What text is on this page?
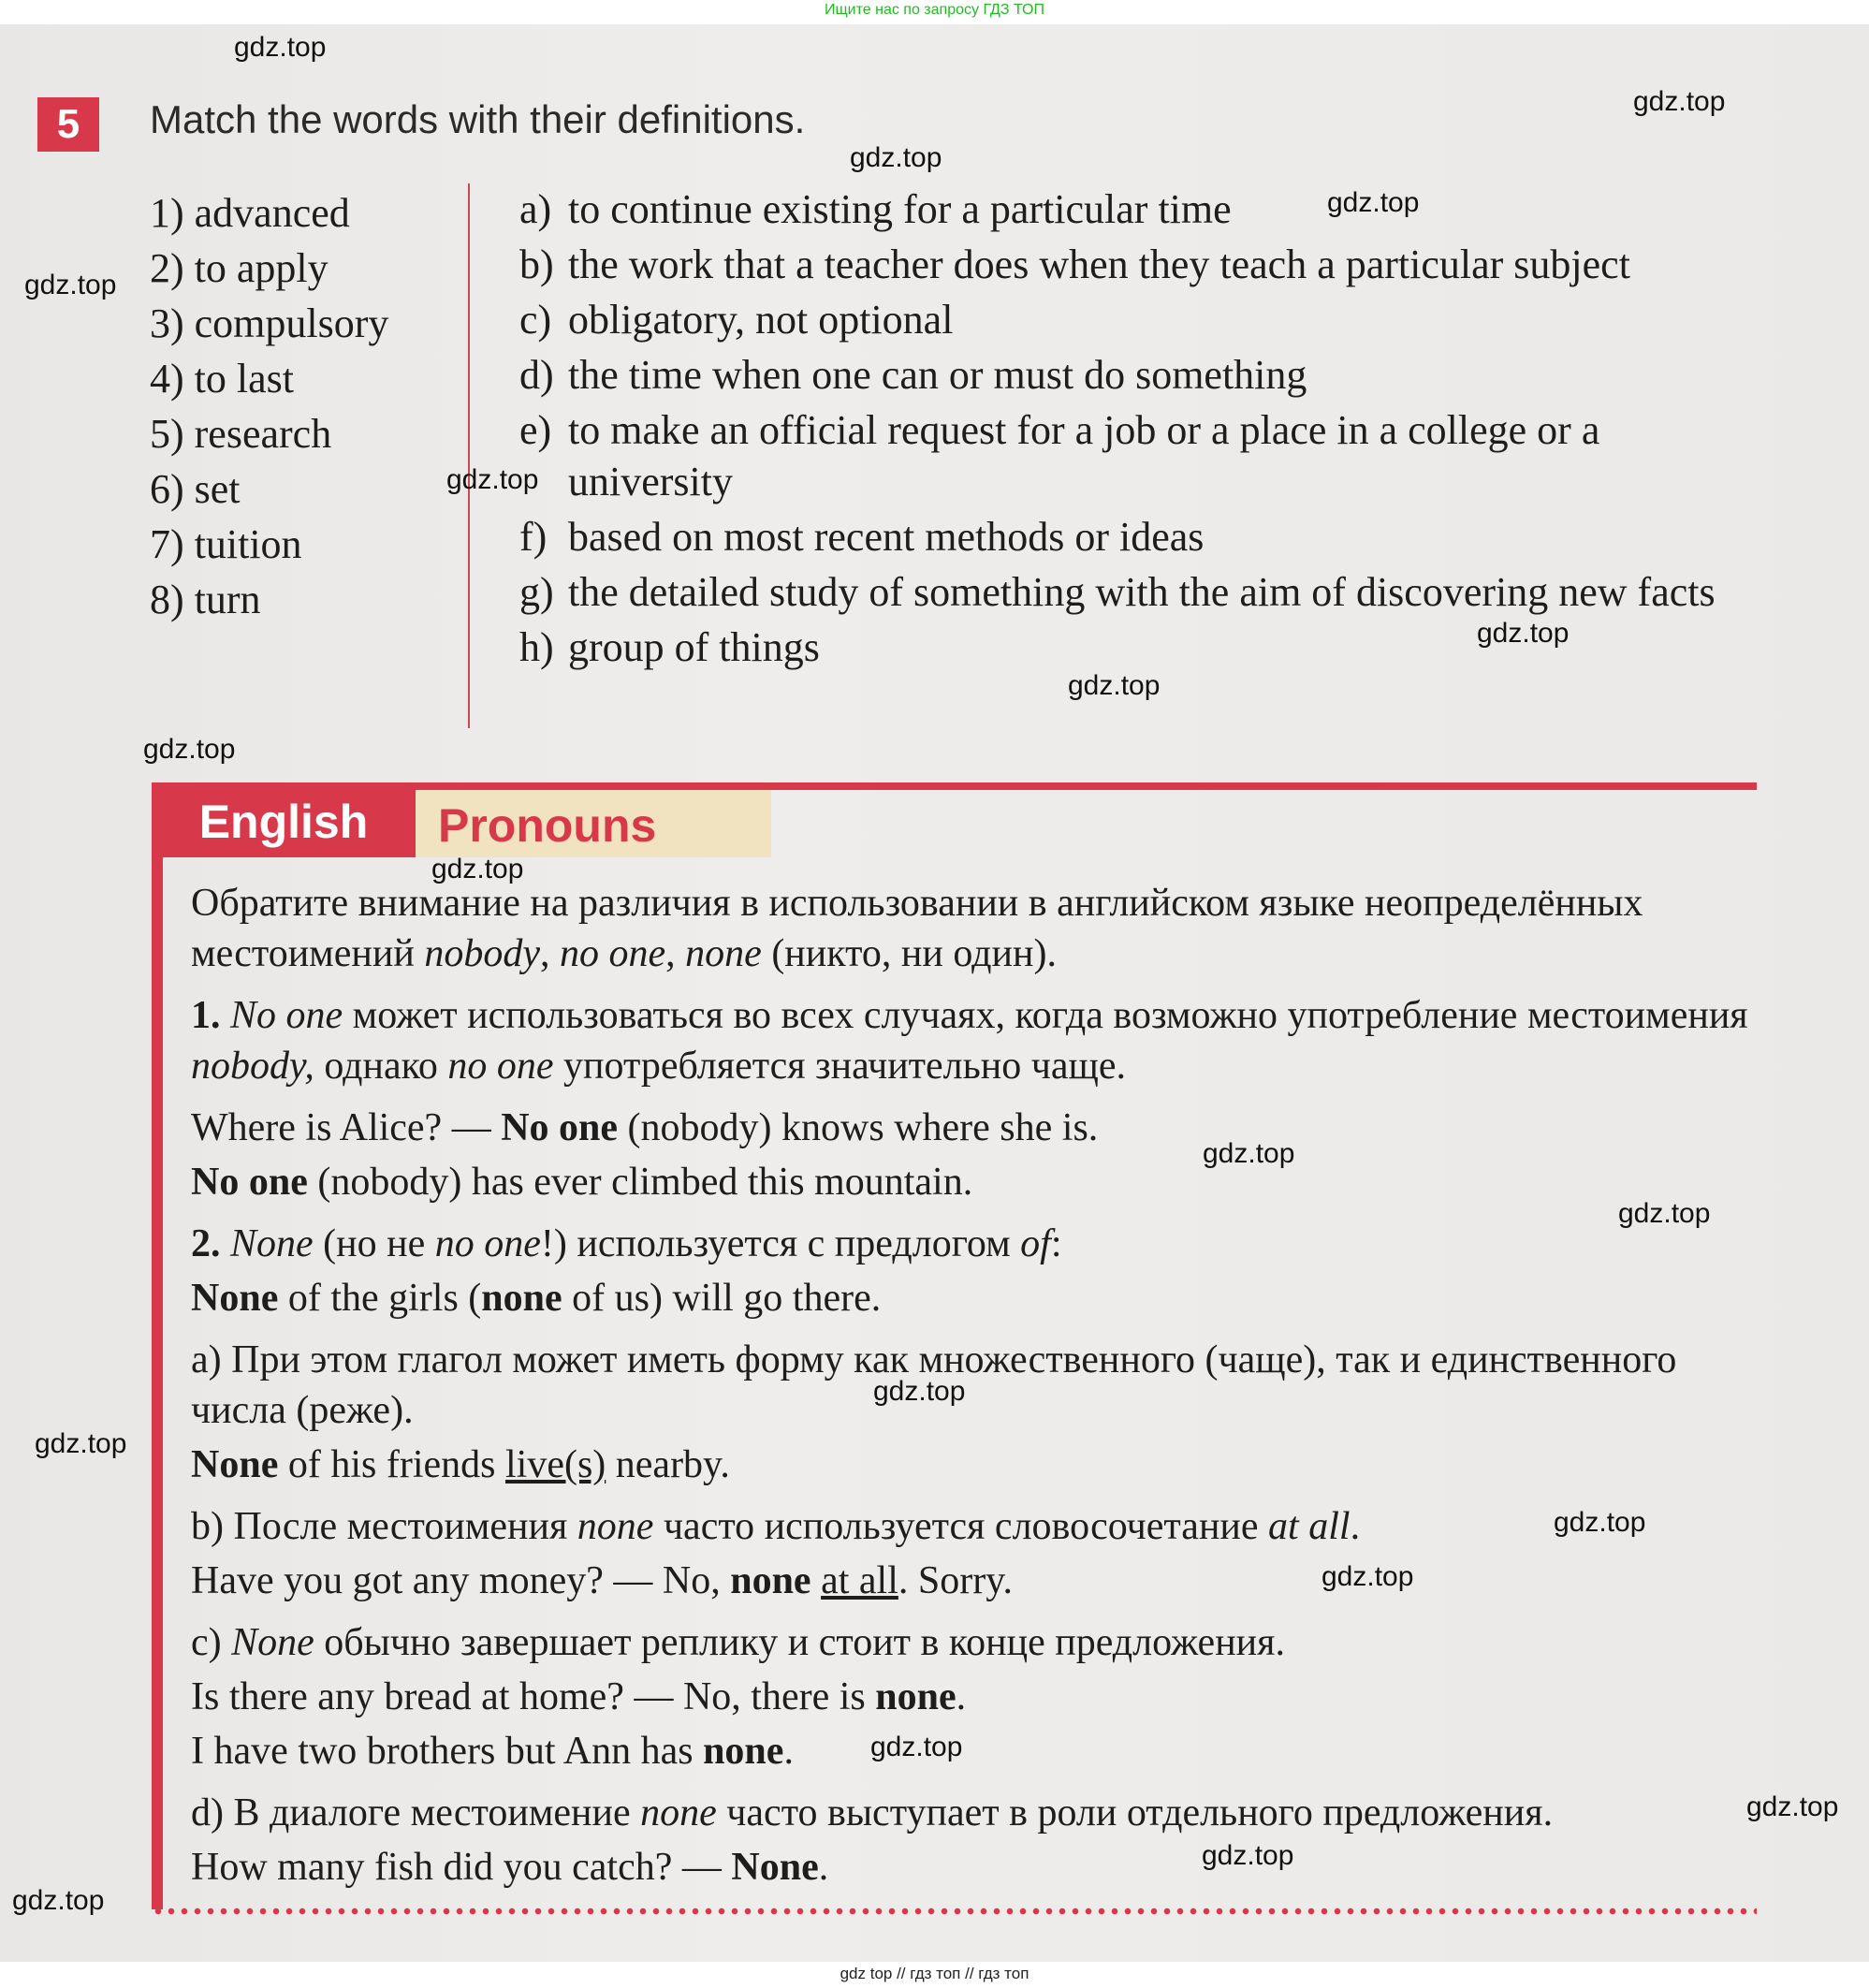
Ищите нас по запросу ГДЗ ТОП
5	Match the words with their definitions.
1) advanced
2) to apply
3) compulsory
4) to last
5) research
6) set
7) tuition
8) turn
a) to continue existing for a particular time
b) the work that a teacher does when they teach a particular subject
c) obligatory, not optional
d) the time when one can or must do something
e) to make an official request for a job or a place in a college or a university
f) based on most recent methods or ideas
g) the detailed study of something with the aim of discovering new facts
h) group of things
English	Pronouns

Обратите внимание на различия в использовании в английском языке неопределённых местоимений nobody, no one, none (никто, ни один).

1. No one может использоваться во всех случаях, когда возможно употребление местоимения nobody, однако no one употребляется значительно чаще.

Where is Alice? — No one (nobody) knows where she is.

No one (nobody) has ever climbed this mountain.

2. None (но не no one!) используется с предлогом of:

None of the girls (none of us) will go there.

a) При этом глагол может иметь форму как множественного (чаще), так и единственного числа (реже).

None of his friends live(s) nearby.

b) После местоимения none часто используется словосочетание at all.

Have you got any money? — No, none at all. Sorry.

c) None обычно завершает реплику и стоит в конце предложения.

Is there any bread at home? — No, there is none.

I have two brothers but Ann has none.

d) В диалоге местоимение none часто выступает в роли отдельного предложения.

How many fish did you catch? — None.

gdz.top
gdz.top
gdz.top
gdz.top
gdz.top
gdz.top
gdz.top
gdz.top
gdz.top
gdz.top
gdz.top
gdz.top
gdz.top
gdz.top
gdz.top
gdz.top
gdz.top
gdz.top
gdz.top
gdz.top
gdz top // гдз топ // гдз топ
